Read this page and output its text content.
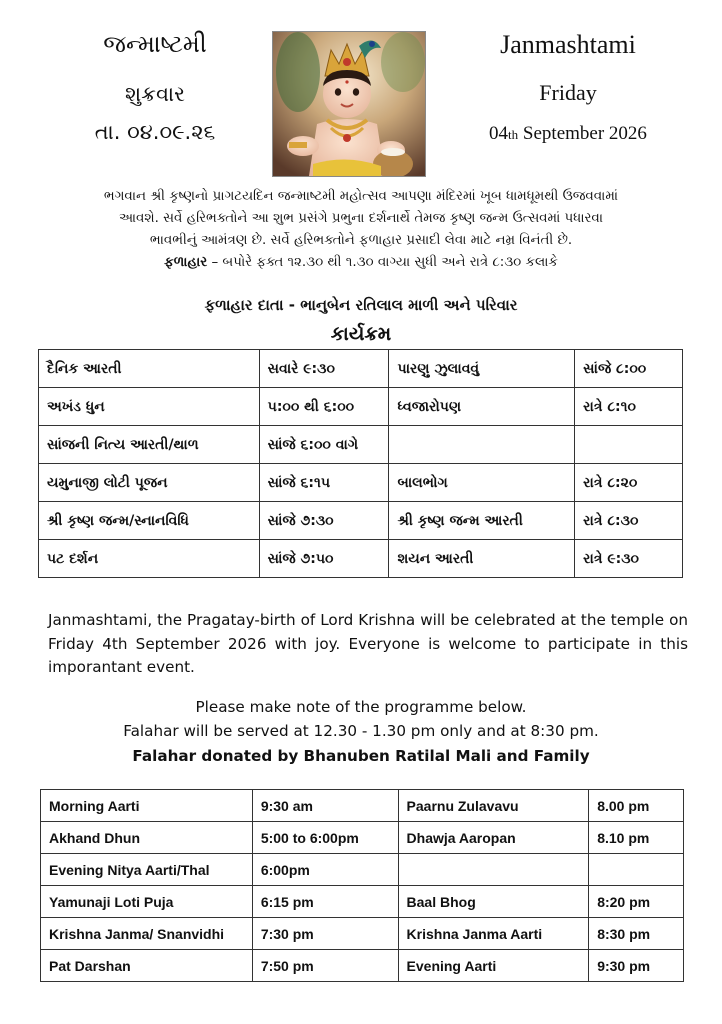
જન્માષ્ટમી
શુક્રવાર
તા. ૦૪.૦૯.૨૬
Janmashtami
Friday
04th September 2026
ભગવાન શ્રી કૃષ્ણનો પ્રાગટયદિન જન્માષ્ટમી મહોત્સવ આપણા મંદિરમાં ખૂબ ધામધૂમથી ઉજવવામાં
આવશે. સર્વે હરિભક્તોને આ શુભ પ્રસંગે પ્રભુના દર્શનાર્થે તેમજ કૃષ્ણ જન્મ ઉત્સવમાં પધારવા
ભાવભીનું આમંત્રણ છે. સર્વે હરિભક્તોને ફળાહાર પ્રસાદી લેવા માટે નમ્ર વિનંતી છે.
ફળાહાર – બપોરે ફક્ત ૧૨.૩૦ થી ૧.૩૦ વાગ્યા સુધી અને રાત્રે ૮:૩૦ કલાકે
ફળાહાર દાતા - ભાનુબેન રતિલાલ માળી અને પરિવાર
કાર્યક્રમ
દૈનિક આરતી	સવારે ૯:૩૦	પારણુ ઝુલાવવું	સાંજે ૮:૦૦
અખંડ ધુન	૫:૦૦ થી ૬:૦૦	ધ્વજારોપણ	રાત્રે ૮:૧૦
સાંજની નિત્ય આરતી/થાળ	સાંજે ૬:૦૦ વાગે		
યમુનાજી લોટી પૂજન	સાંજે ૬:૧૫	બાલભોગ	રાત્રે ૮:૨૦
શ્રી કૃષ્ણ જન્મ/સ્નાનવિધિ	સાંજે ૭:૩૦	શ્રી કૃષ્ણ જન્મ આરતી	રાત્રે ૮:૩૦
પટ દર્શન	સાંજે ૭:૫૦	શયન આરતી	રાત્રે ૯:૩૦
Janmashtami, the Pragatay-birth of Lord Krishna will be celebrated at the temple on Friday 4th September 2026 with joy. Everyone is welcome to participate in this imporantant event.
Please make note of the programme below.
Falahar will be served at 12.30 - 1.30 pm only and at 8:30 pm.
Falahar donated by Bhanuben Ratilal Mali and Family
Morning Aarti	9:30 am	Paarnu Zulavavu	8.00 pm
Akhand Dhun	5:00 to 6:00pm	Dhawja Aaropan	8.10 pm
Evening Nitya Aarti/Thal	6:00pm		
Yamunaji Loti Puja	6:15 pm	Baal Bhog	8:20 pm
Krishna Janma/ Snanvidhi	7:30 pm	Krishna Janma Aarti	8:30 pm
Pat Darshan	7:50 pm	Evening Aarti	9:30 pm
